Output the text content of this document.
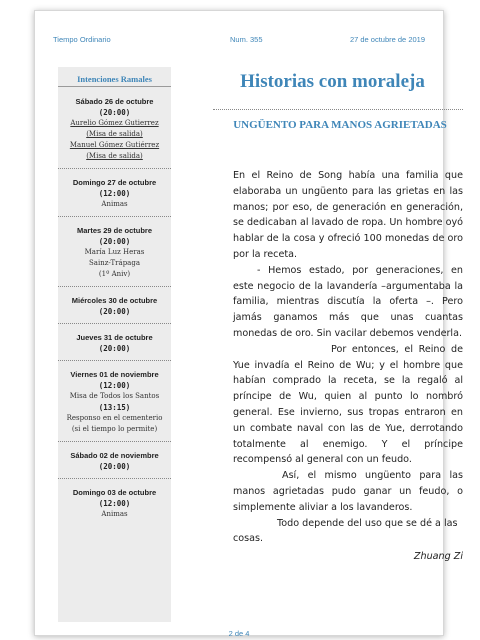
Tiempo Ordinario	Num. 355	27 de octubre de 2019
Intenciones Ramales
Sábado 26 de octubre
(20:00)
Aurelio Gómez Gutierrez
(Misa de salida)
Manuel Gómez Gutiérrez
(Misa de salida)
Domingo 27 de octubre
(12:00)
Animas
Martes 29 de octubre
(20:00)
María Luz Heras
Sainz-Trápaga
(1º Aniv)
Miércoles 30 de octubre
(20:00)
Jueves 31 de octubre
(20:00)
Viernes 01 de noviembre
(12:00)
Misa de Todos los Santos
(13:15)
Responso en el cementerio
(si el tiempo lo permite)
Sábado 02 de noviembre
(20:00)
Domingo 03 de octubre
(12:00)
Animas
Historias con moraleja
UNGÜENTO PARA MANOS AGRIETADAS

En el Reino de Song había una familia que elaboraba un ungüento para las grietas en las manos; por eso, de generación en generación, se dedicaban al lavado de ropa. Un hombre oyó hablar de la cosa y ofreció 100 monedas de oro por la receta.

- Hemos estado, por generaciones, en este negocio de la lavandería –argumentaba la familia, mientras discutía la oferta –. Pero jamás ganamos más que unas cuantas monedas de oro. Sin vacilar debemos venderla.

Por entonces, el Reino de Yue invadía el Reino de Wu; y el hombre que habían comprado la receta, se la regaló al príncipe de Wu, quien al punto lo nombró general. Ese invierno, sus tropas entraron en un combate naval con las de Yue, derrotando totalmente al enemigo. Y el príncipe recompensó al general con un feudo.

Así, el mismo ungüento para las manos agrietadas pudo ganar un feudo, o simplemente aliviar a los lavanderos.

Todo depende del uso que se dé a las cosas.

Zhuang Zi

2 de 4
